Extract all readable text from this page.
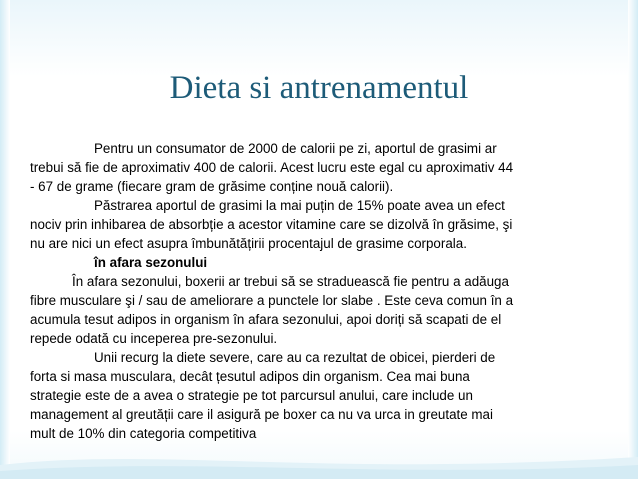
Dieta si antrenamentul

Pentru un consumator de 2000 de calorii pe zi, aportul de grasimi ar

trebui să fie de aproximativ 400 de calorii. Acest lucru este egal cu aproximativ 44

- 67 de grame (fiecare gram de grăsime conține nouă calorii).

Păstrarea aportul de grasimi la mai puțin de 15% poate avea un efect

nociv prin inhibarea de absorbție a acestor vitamine care se dizolvă în grăsime, şi

nu are nici un efect asupra îmbunătățirii procentajul de grasime corporala.

în afara sezonului

În afara sezonului, boxerii ar trebui să se straduească fie pentru a adăuga

fibre musculare şi / sau de ameliorare a punctele lor slabe . Este ceva comun în a

acumula tesut adipos in organism în afara sezonului, apoi doriți să scapati de el

repede odată cu inceperea pre-sezonului.

Unii recurg la diete severe, care au ca rezultat de obicei, pierderi de

forta si masa musculara, decât țesutul adipos din organism. Cea mai buna

strategie este de a avea o strategie pe tot parcursul anului, care include un

management al greutății care il asigură pe boxer ca nu va urca in greutate mai

mult de 10% din categoria competitiva
